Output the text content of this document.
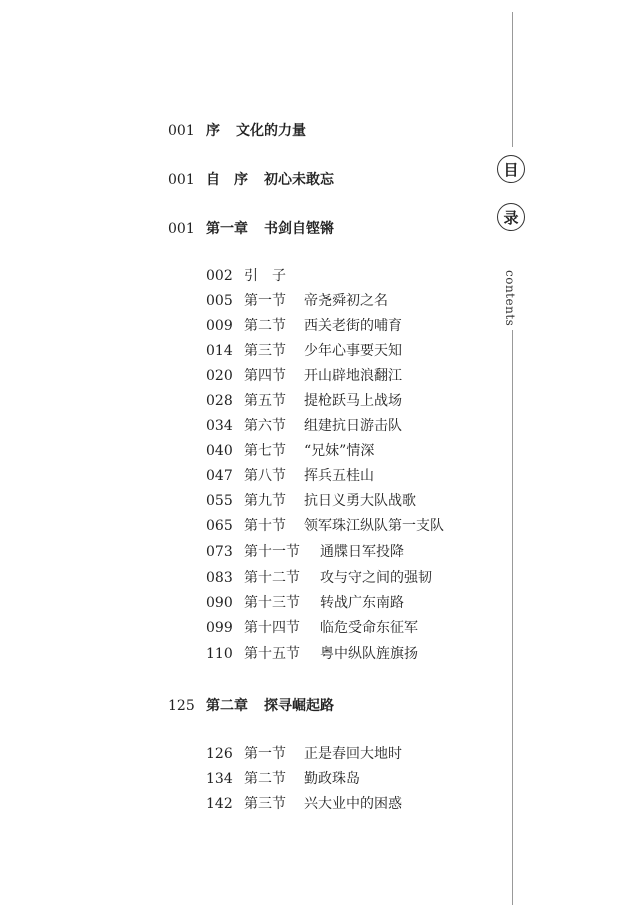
001 序 文化的力量
001 自　序 初心未敢忘
001 第一章 书剑自铿锵
002 引　子
005 第一节 帝尧舜初之名
009 第二节 西关老街的哺育
014 第三节 少年心事要天知
020 第四节 开山辟地浪翻江
028 第五节 提枪跃马上战场
034 第六节 组建抗日游击队
040 第七节 “兄妹”情深
047 第八节 挥兵五桂山
055 第九节 抗日义勇大队战歌
065 第十节 领军珠江纵队第一支队
073 第十一节 通牒日军投降
083 第十二节 攻与守之间的强韧
090 第十三节 转战广东南路
099 第十四节 临危受命东征军
110 第十五节 粤中纵队旌旗扬
125 第二章 探寻崛起路
126 第一节 正是春回大地时
134 第二节 勤政珠岛
142 第三节 兴大业中的困惑
目
录
contents
